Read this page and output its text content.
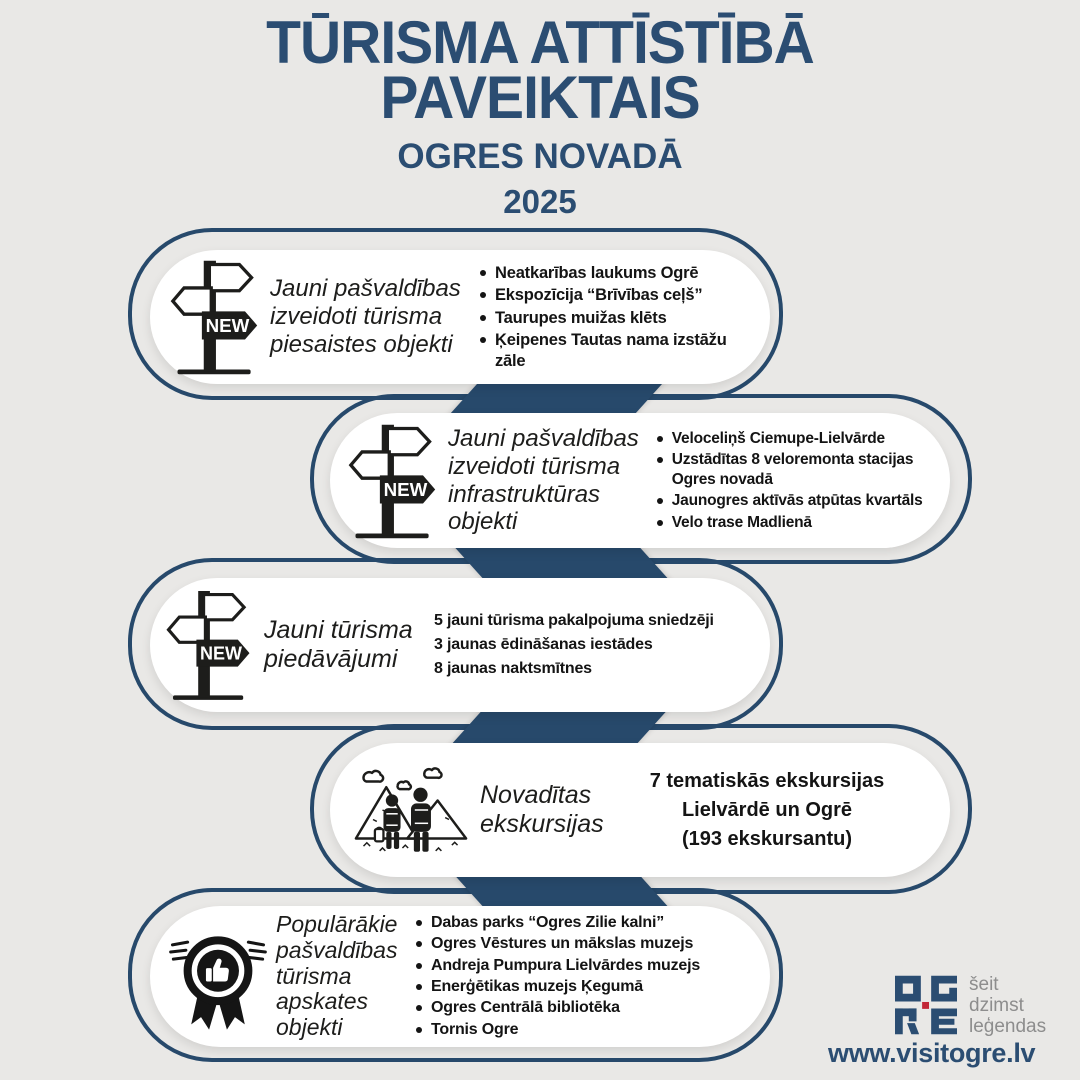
TŪRISMA ATTĪSTĪBĀ
PAVEIKTAIS
OGRES NOVADĀ
2025
NEW
Jauni pašvaldības izveidoti tūrisma piesaistes objekti
Neatkarības laukums Ogrē
Ekspozīcija “Brīvības ceļš”
Taurupes muižas klēts
Ķeipenes Tautas nama izstāžu zāle
NEW
Jauni pašvaldības izveidoti tūrisma infrastruktūras objekti
Veloceliņš Ciemupe-Lielvārde
Uzstādītas 8 veloremonta stacijas Ogres novadā
Jaunogres aktīvās atpūtas kvartāls
Velo trase Madlienā
NEW
Jauni tūrisma piedāvājumi
5 jauni tūrisma pakalpojuma sniedzēji
3 jaunas ēdināšanas iestādes
8 jaunas naktsmītnes
Novadītas ekskursijas
7 tematiskās ekskursijas
Lielvārdē un Ogrē
(193 ekskursantu)
Populārākie pašvaldības tūrisma apskates objekti
Dabas parks “Ogres Zilie kalni”
Ogres Vēstures un mākslas muzejs
Andreja Pumpura Lielvārdes muzejs
Enerģētikas muzejs Ķegumā
Ogres Centrālā bibliotēka
Tornis Ogre
šeit
dzimst
leģendas
www.visitogre.lv
